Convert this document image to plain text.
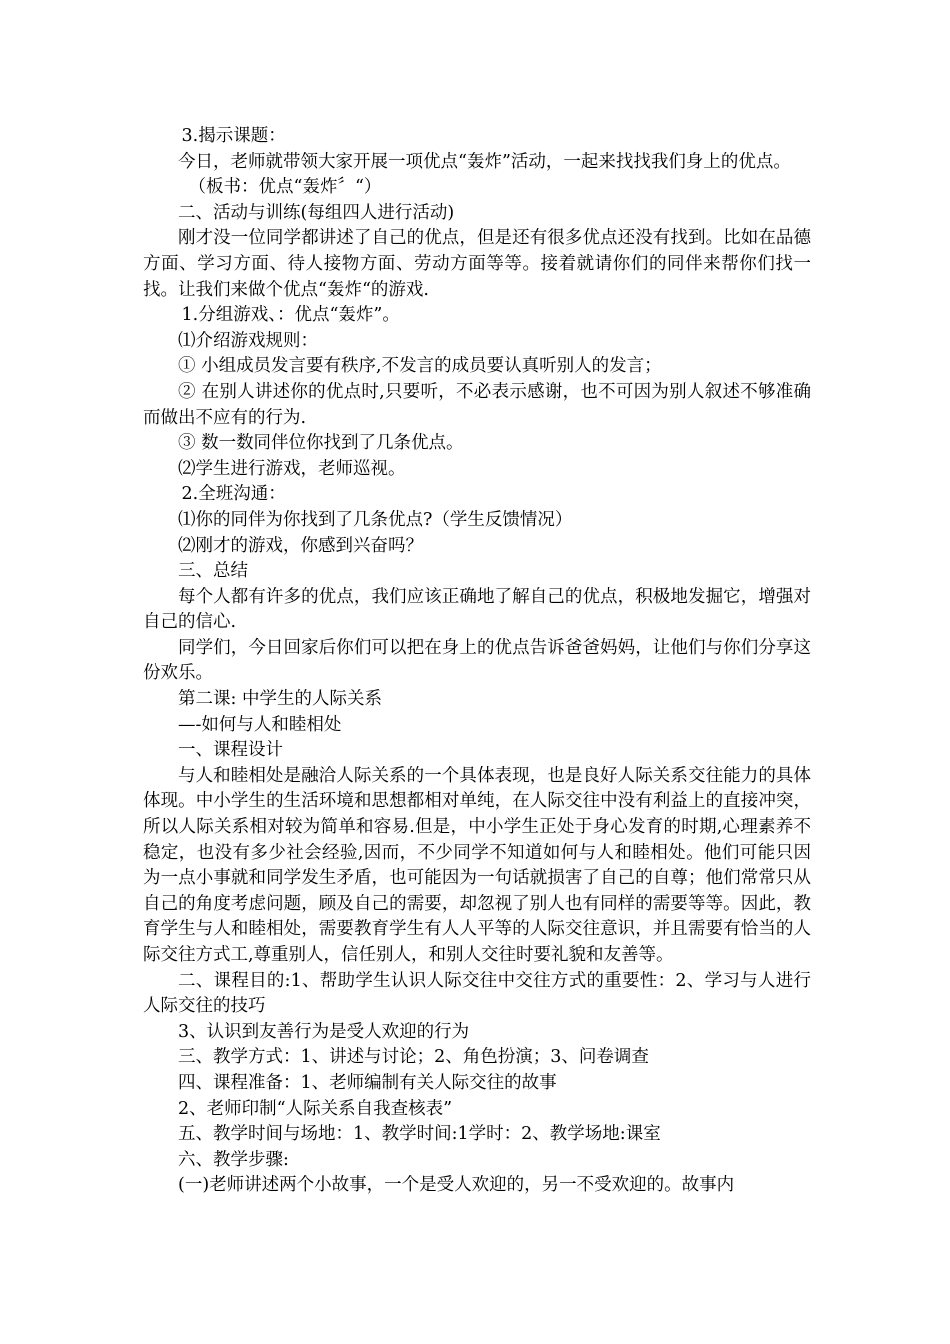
3.揭示课题：

今日，老师就带领大家开展一项优点“轰炸”活动，一起来找找我们身上的优点。

（板书：优点“轰炸〞“）

二、活动与训练(每组四人进行活动)

刚才没一位同学都讲述了自己的优点，但是还有很多优点还没有找到。比如在品德方面、学习方面、待人接物方面、劳动方面等等。接着就请你们的同伴来帮你们找一找。让我们来做个优点“轰炸“的游戏.

1.分组游戏、：优点“轰炸”。

⑴介绍游戏规则：

① 小组成员发言要有秩序,不发言的成员要认真听别人的发言；

② 在别人讲述你的优点时,只要听，不必表示感谢，也不可因为别人叙述不够准确而做出不应有的行为.

③ 数一数同伴位你找到了几条优点。

⑵学生进行游戏，老师巡视。

2.全班沟通：

⑴你的同伴为你找到了几条优点?（学生反馈情况）

⑵刚才的游戏，你感到兴奋吗？

三、总结

每个人都有许多的优点，我们应该正确地了解自己的优点，积极地发掘它，增强对自己的信心.

同学们，今日回家后你们可以把在身上的优点告诉爸爸妈妈，让他们与你们分享这份欢乐。

第二课: 中学生的人际关系

—-如何与人和睦相处

一、课程设计

与人和睦相处是融洽人际关系的一个具体表现，也是良好人际关系交往能力的具体体现。中小学生的生活环境和思想都相对单纯，在人际交往中没有利益上的直接冲突，所以人际关系相对较为简单和容易.但是，中小学生正处于身心发育的时期,心理素养不稳定，也没有多少社会经验,因而，不少同学不知道如何与人和睦相处。他们可能只因为一点小事就和同学发生矛盾，也可能因为一句话就损害了自己的自尊；他们常常只从自己的角度考虑问题，顾及自己的需要，却忽视了别人也有同样的需要等等。因此，教育学生与人和睦相处，需要教育学生有人人平等的人际交往意识，并且需要有恰当的人际交往方式工,尊重别人，信任别人，和别人交往时要礼貌和友善等。

二、课程目的:1、帮助学生认识人际交往中交往方式的重要性：2、学习与人进行人际交往的技巧

3、认识到友善行为是受人欢迎的行为

三、教学方式：1、讲述与讨论；2、角色扮演；3、问卷调查

四、课程准备：1、老师编制有关人际交往的故事

2、老师印制“人际关系自我查核表”

五、教学时间与场地：1、教学时间:1学时：2、教学场地:课室

六、教学步骤:

(一)老师讲述两个小故事，一个是受人欢迎的，另一不受欢迎的。故事内
